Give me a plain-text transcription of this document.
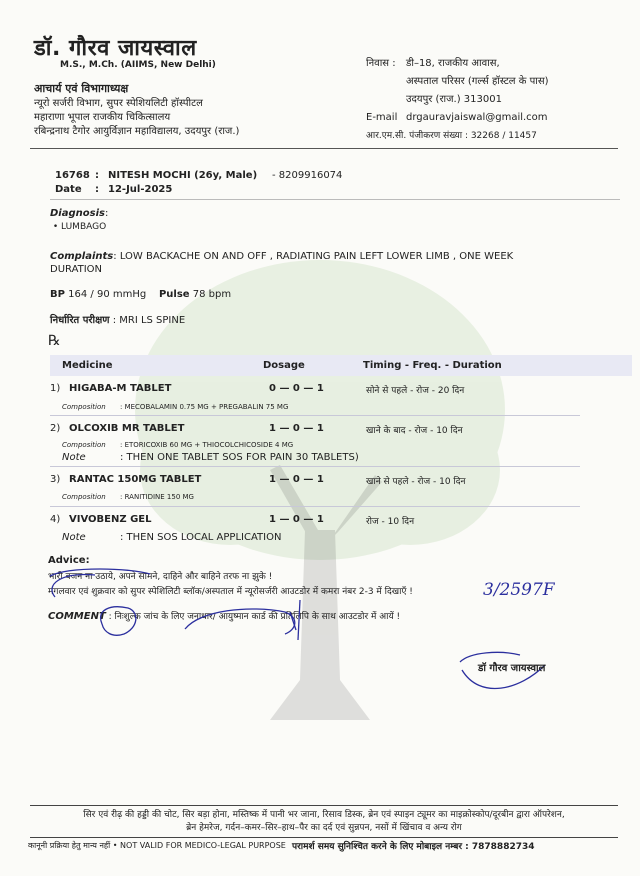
डॉ. गौरव जायस्वाल
M.S., M.Ch. (AIIMS, New Delhi)
आचार्य एवं विभागाध्यक्ष
न्यूरो सर्जरी विभाग, सुपर स्पेशियलिटी हॉस्पीटल
महाराणा भूपाल राजकीय चिकित्सालय
रबिन्द्रनाथ टैगोर आयुर्विज्ञान महाविद्यालय, उदयपुर (राज.)
निवास : डी–18, राजकीय आवास,
अस्पताल परिसर (गर्ल्स हॉस्टल के पास)
उदयपुर (राज.) 313001
E-mail drgauravjaiswal@gmail.com
आर.एम.सी. पंजीकरण संख्या : 32268 / 11457
16768 : NITESH MOCHI (26y, Male) - 8209916074
Date : 12-Jul-2025
Diagnosis:
• LUMBAGO
Complaints: LOW BACKACHE ON AND OFF , RADIATING PAIN LEFT LOWER LIMB , ONE WEEK
DURATION
BP 164 / 90 mmHg Pulse 78 bpm
निर्धारित परीक्षण : MRI LS SPINE
℞
Medicine	Dosage	Timing - Freq. - Duration
1) HIGABA-M TABLET	0 — 0 — 1	सोने से पहले - रोज - 20 दिन
Composition : MECOBALAMIN 0.75 MG + PREGABALIN 75 MG
2) OLCOXIB MR TABLET	1 — 0 — 1	खाने के बाद - रोज - 10 दिन
Composition : ETORICOXIB 60 MG + THIOCOLCHICOSIDE 4 MG
Note	: THEN ONE TABLET SOS FOR PAIN 30 TABLETS)
3) RANTAC 150MG TABLET	1 — 0 — 1	खाने से पहले - रोज - 10 दिन
Composition : RANITIDINE 150 MG
4) VIVOBENZ GEL	1 — 0 — 1	रोज - 10 दिन
Note	: THEN SOS LOCAL APPLICATION
Advice:
भारी वजन ना उठाये, अपने सामने, दाहिने और बाहिने तरफ ना झुके !
मंगलवार एवं शुक्रवार को सुपर स्पेशिलिटी ब्लॉक/अस्पताल में न्यूरोसर्जरी आउटडोर में कमरा नंबर 2-3 में दिखाएँ !
COMMENT : निःशुल्क जांच के लिए जनाधार/ आयुष्मान कार्ड की प्रतिलिपि के साथ आउटडोर में आयें !
3/2597F
डॉ गौरव जायस्वाल
सिर एवं रीढ़ की हड्डी की चोट, सिर बड़ा होना, मस्तिष्क में पानी भर जाना, रिसाव डिस्क, ब्रेन एवं स्पाइन ट्यूमर का माइक्रोस्कोप/दूरबीन द्वारा ऑपरेशन,
ब्रेन हेमरेज, गर्दन–कमर–सिर–हाथ–पैर का दर्द एवं सुन्नपन, नसों में खिंचाव व अन्य रोग
कानूनी प्रक्रिया हेतु मान्य नहीं • NOT VALID FOR MEDICO-LEGAL PURPOSE परामर्श समय सुनिश्चित करने के लिए मोबाइल नम्बर : 7878882734
